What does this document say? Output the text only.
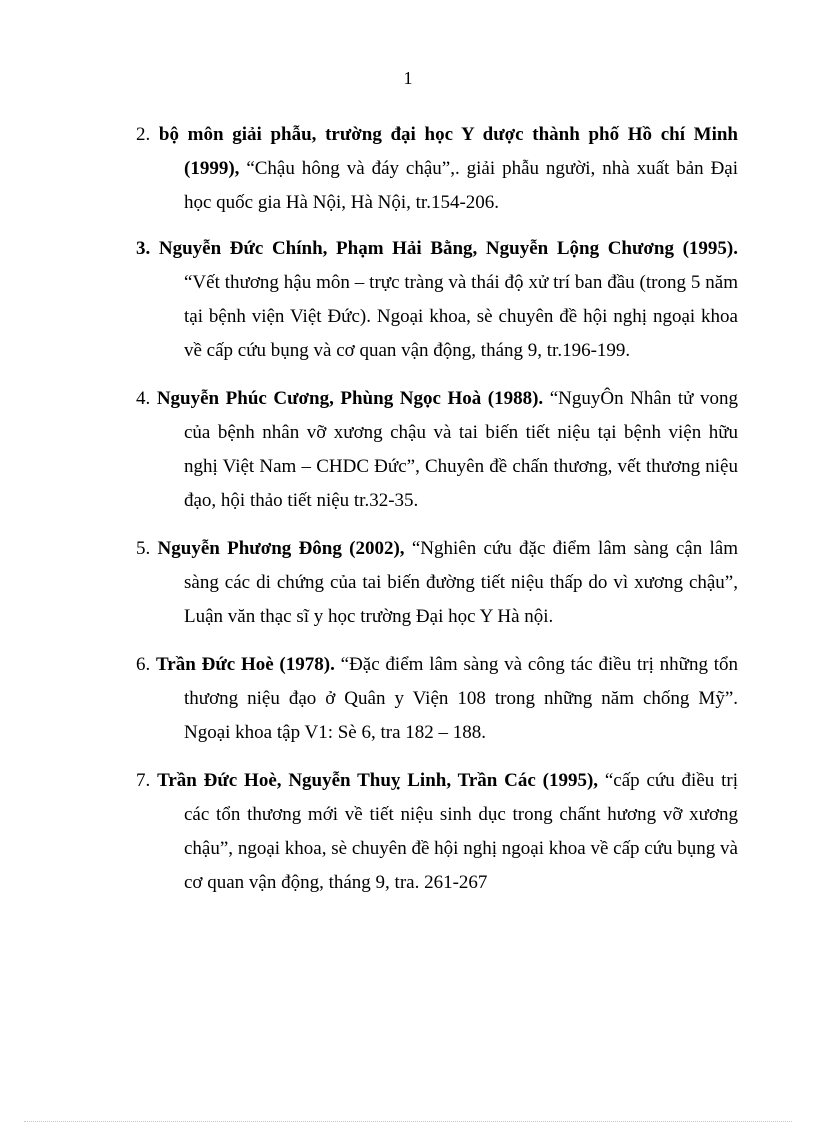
1
2. bộ môn giải phẫu, trường đại học Y dược thành phố Hồ chí Minh (1999), “Chậu hông và đáy chậu”,. giải phẫu người, nhà xuất bản Đại học quốc gia Hà Nội, Hà Nội, tr.154-206.
3. Nguyễn Đức Chính, Phạm Hải Bằng, Nguyễn Lộng Chương (1995). “Vết thương hậu môn – trực tràng và thái độ xử trí ban đầu (trong 5 năm tại bệnh viện Việt Đức). Ngoại khoa, sè chuyên đề hội nghị ngoại khoa về cấp cứu bụng và cơ quan vận động, tháng 9, tr.196-199.
4. Nguyễn Phúc Cương, Phùng Ngọc Hoà (1988). “NguyÔn Nhân tử vong của bệnh nhân vỡ xương chậu và tai biến tiết niệu tại bệnh viện hữu nghị Việt Nam – CHDC Đức”, Chuyên đề chấn thương, vết thương niệu đạo, hội thảo tiết niệu tr.32-35.
5. Nguyễn Phương Đông (2002), “Nghiên cứu đặc điểm lâm sàng cận lâm sàng các di chứng của tai biến đường tiết niệu thấp do vì xương chậu”, Luận văn thạc sĩ y học trường Đại học Y Hà nội.
6. Trần Đức Hoè (1978). “Đặc điểm lâm sàng và công tác điều trị những tổn thương niệu đạo ở Quân y Viện 108 trong những năm chống Mỹ”. Ngoại khoa tập V1: Sè 6, tra 182 – 188.
7. Trần Đức Hoè, Nguyễn Thuỵ Linh, Trần Các (1995), “cấp cứu điều trị các tổn thương mới về tiết niệu sinh dục trong chấnt hương vỡ xương chậu”, ngoại khoa, sè chuyên đề hội nghị ngoại khoa về cấp cứu bụng và cơ quan vận động, tháng 9, tra. 261-267
